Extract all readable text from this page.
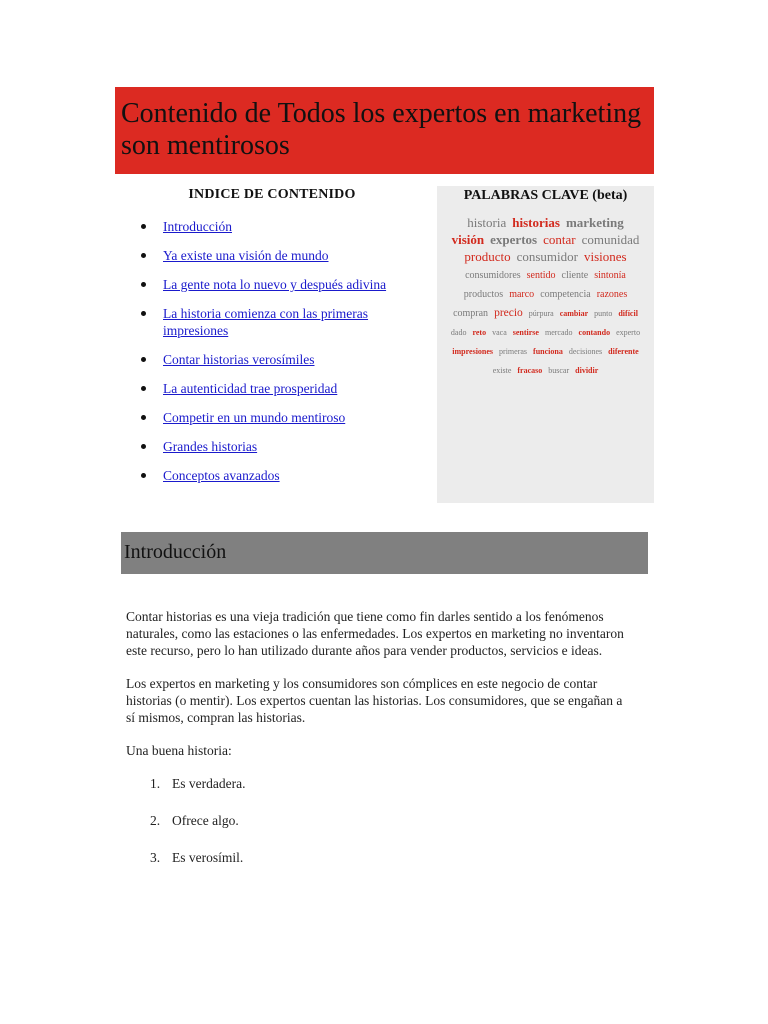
Contenido de Todos los expertos en marketing son mentirosos
INDICE DE CONTENIDO
Introducción
Ya existe una visión de mundo
La gente nota lo nuevo y después adivina
La historia comienza con las primeras impresiones
Contar historias verosímiles
La autenticidad trae prosperidad
Competir en un mundo mentiroso
Grandes historias
Conceptos avanzados
PALABRAS CLAVE (beta)
historia historias marketing
visión expertos contar comunidad
producto consumidor visiones
consumidores sentido cliente sintonía
productos marco competencia razones
compran precio púrpura cambiar punto difícil
dado reto vaca sentirse mercado contando experto
impresiones primeras funciona decisiones diferente
existe fracaso buscar dividir
Introducción

Contar historias es una vieja tradición que tiene como fin darles sentido a los fenómenos naturales, como las estaciones o las enfermedades. Los expertos en marketing no inventaron este recurso, pero lo han utilizado durante años para vender productos, servicios e ideas.

Los expertos en marketing y los consumidores son cómplices en este negocio de contar historias (o mentir). Los expertos cuentan las historias. Los consumidores, que se engañan a sí mismos, compran las historias.

Una buena historia:

1. Es verdadera.
2. Ofrece algo.
3. Es verosímil.
